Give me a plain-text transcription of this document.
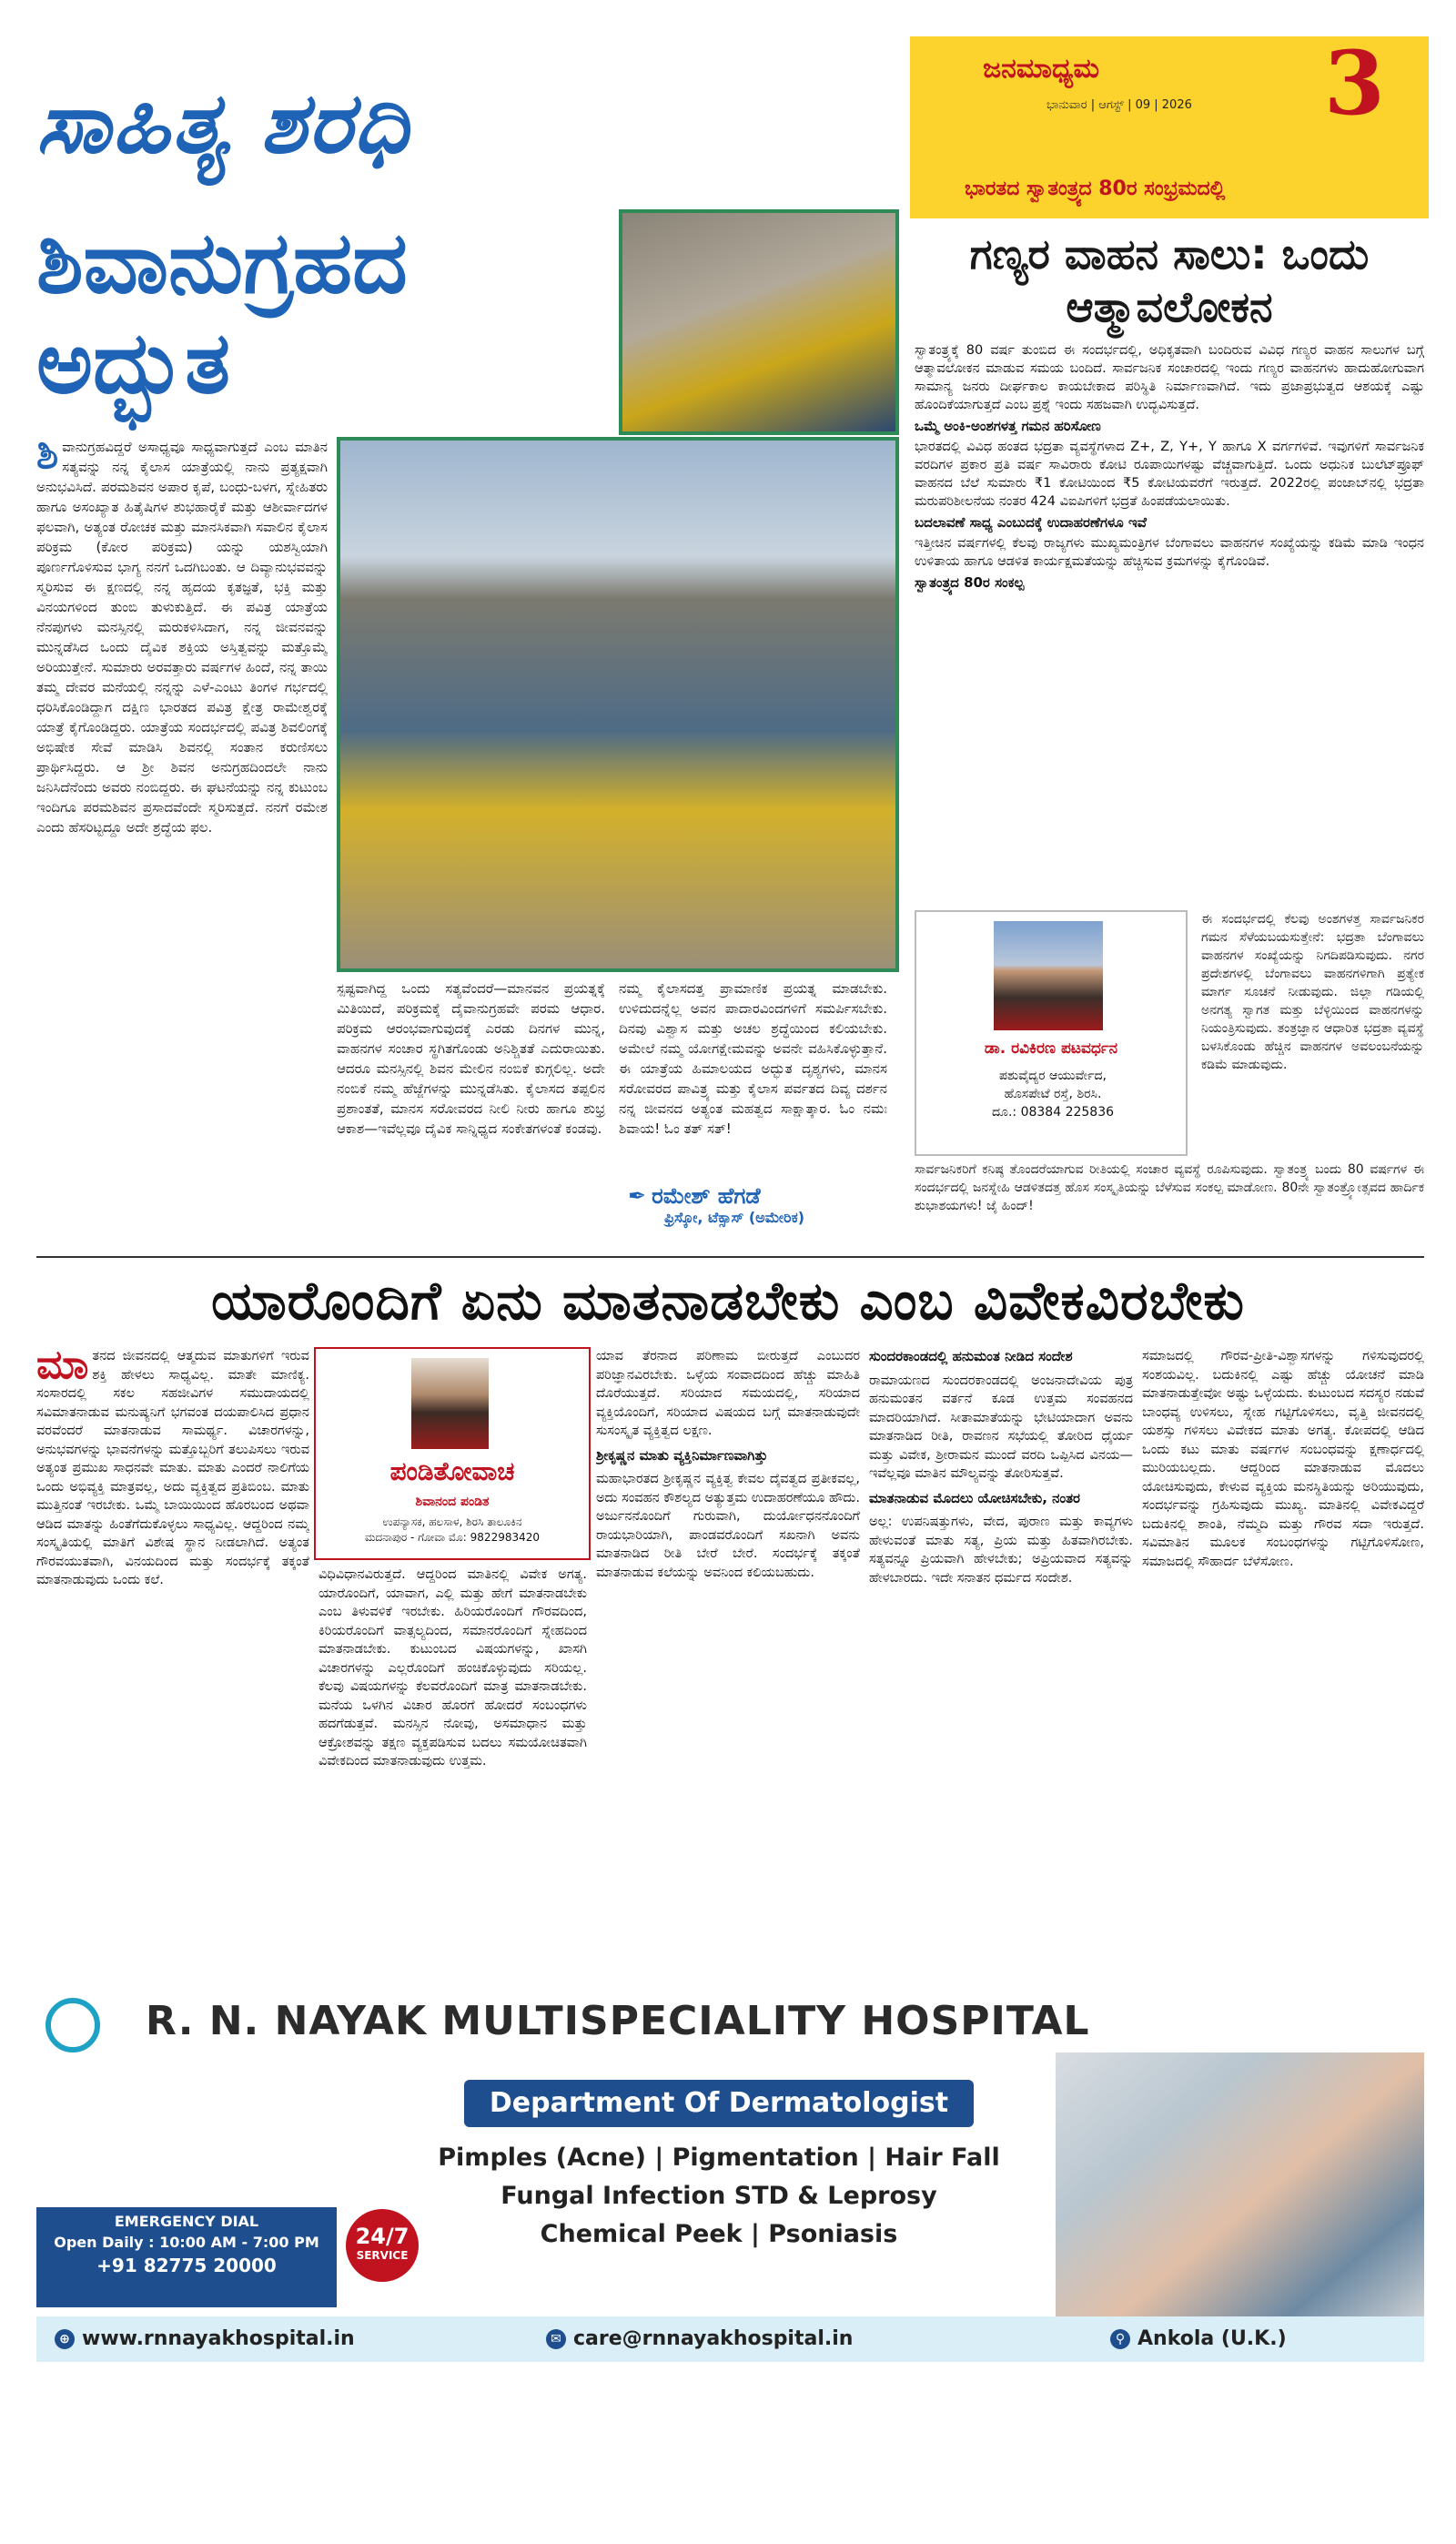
ಸಾಹಿತ್ಯ ಶರಧಿ
ಜನಮಾಧ್ಯಮ	3
ಭಾನುವಾರ | ಆಗಸ್ಟ್ | 09 | 2026
ಭಾರತದ ಸ್ವಾತಂತ್ರ್ಯದ 80ರ ಸಂಭ್ರಮದಲ್ಲಿ
ಶಿವಾನುಗ್ರಹದ ಅದ್ಭುತ
ಶಿವಾನುಗ್ರಹವಿದ್ದರೆ ಅಸಾಧ್ಯವೂ ಸಾಧ್ಯವಾಗುತ್ತದೆ ಎಂಬ ಮಾತಿನ ಸತ್ಯವನ್ನು ನನ್ನ ಕೈಲಾಸ ಯಾತ್ರೆಯಲ್ಲಿ ನಾನು ಪ್ರತ್ಯಕ್ಷವಾಗಿ ಅನುಭವಿಸಿದೆ. ಪರಮಶಿವನ ಅಪಾರ ಕೃಪೆ, ಬಂಧು-ಬಳಗ, ಸ್ನೇಹಿತರು ಹಾಗೂ ಅಸಂಖ್ಯಾತ ಹಿತೈಷಿಗಳ ಶುಭಹಾರೈಕೆ ಮತ್ತು ಆಶೀರ್ವಾದಗಳ ಫಲವಾಗಿ, ಅತ್ಯಂತ ರೋಚಕ ಮತ್ತು ಮಾನಸಿಕವಾಗಿ ಸವಾಲಿನ ಕೈಲಾಸ ಪರಿಕ್ರಮ (ಕೋರ ಪರಿಕ್ರಮ) ಯನ್ನು ಯಶಸ್ವಿಯಾಗಿ ಪೂರ್ಣಗೊಳಿಸುವ ಭಾಗ್ಯ ನನಗೆ ಒದಗಿಬಂತು. ಆ ದಿವ್ಯಾನುಭವವನ್ನು ಸ್ಮರಿಸುವ ಈ ಕ್ಷಣದಲ್ಲಿ ನನ್ನ ಹೃದಯ ಕೃತಜ್ಞತೆ, ಭಕ್ತಿ ಮತ್ತು ವಿನಯಗಳಿಂದ ತುಂಬಿ ತುಳುಕುತ್ತಿದೆ. ಈ ಪವಿತ್ರ ಯಾತ್ರೆಯ ನೆನಪುಗಳು ಮನಸ್ಸಿನಲ್ಲಿ ಮರುಕಳಿಸಿದಾಗ, ನನ್ನ ಜೀವನವನ್ನು ಮುನ್ನಡೆಸಿದ ಒಂದು ದೈವಿಕ ಶಕ್ತಿಯ ಅಸ್ತಿತ್ವವನ್ನು ಮತ್ತೊಮ್ಮೆ ಅರಿಯುತ್ತೇನೆ. ಸುಮಾರು ಅರವತ್ತಾರು ವರ್ಷಗಳ ಹಿಂದೆ, ನನ್ನ ತಾಯಿ ತಮ್ಮ ದೇವರ ಮನೆಯಲ್ಲಿ ನನ್ನನ್ನು ಎಳೆ-ಎಂಟು ತಿಂಗಳ ಗರ್ಭದಲ್ಲಿ ಧರಿಸಿಕೊಂಡಿದ್ದಾಗ ದಕ್ಷಿಣ ಭಾರತದ ಪವಿತ್ರ ಕ್ಷೇತ್ರ ರಾಮೇಶ್ವರಕ್ಕೆ ಯಾತ್ರೆ ಕೈಗೊಂಡಿದ್ದರು. ಯಾತ್ರೆಯ ಸಂದರ್ಭದಲ್ಲಿ ಪವಿತ್ರ ಶಿವಲಿಂಗಕ್ಕೆ ಅಭಿಷೇಕ ಸೇವೆ ಮಾಡಿಸಿ ಶಿವನಲ್ಲಿ ಸಂತಾನ ಕರುಣಿಸಲು ಪ್ರಾರ್ಥಿಸಿದ್ದರು. ಆ ಶ್ರೀ ಶಿವನ ಅನುಗ್ರಹದಿಂದಲೇ ನಾನು ಜನಿಸಿದೆನೆಂದು ಅವರು ನಂಬಿದ್ದರು. ಈ ಘಟನೆಯನ್ನು ನನ್ನ ಕುಟುಂಬ ಇಂದಿಗೂ ಪರಮಶಿವನ ಪ್ರಸಾದವೆಂದೇ ಸ್ಮರಿಸುತ್ತದೆ. ನನಗೆ ರಮೇಶ ಎಂದು ಹೆಸರಿಟ್ಟದ್ದೂ ಅದೇ ಶ್ರದ್ಧೆಯ ಫಲ.
ಸ್ಪಷ್ಟವಾಗಿದ್ದ ಒಂದು ಸತ್ಯವೆಂದರೆ—ಮಾನವನ ಪ್ರಯತ್ನಕ್ಕೆ ಮಿತಿಯಿದೆ, ಪರಿಕ್ರಮಕ್ಕೆ ದೈವಾನುಗ್ರಹವೇ ಪರಮ ಆಧಾರ. ಪರಿಕ್ರಮ ಆರಂಭವಾಗುವುದಕ್ಕೆ ಎರಡು ದಿನಗಳ ಮುನ್ನ, ವಾಹನಗಳ ಸಂಚಾರ ಸ್ಥಗಿತಗೊಂಡು ಅನಿಶ್ಚಿತತೆ ಎದುರಾಯಿತು. ಆದರೂ ಮನಸ್ಸಿನಲ್ಲಿ ಶಿವನ ಮೇಲಿನ ನಂಬಿಕೆ ಕುಗ್ಗಲಿಲ್ಲ. ಅದೇ ನಂಬಿಕೆ ನಮ್ಮ ಹೆಜ್ಜೆಗಳನ್ನು ಮುನ್ನಡೆಸಿತು. ಕೈಲಾಸದ ತಪ್ಪಲಿನ ಪ್ರಶಾಂತತೆ, ಮಾನಸ ಸರೋವರದ ನೀಲಿ ನೀರು ಹಾಗೂ ಶುಭ್ರ ಆಕಾಶ—ಇವೆಲ್ಲವೂ ದೈವಿಕ ಸಾನ್ನಿಧ್ಯದ ಸಂಕೇತಗಳಂತೆ ಕಂಡವು.
ನಮ್ಮ ಕೈಲಾಸದತ್ತ ಪ್ರಾಮಾಣಿಕ ಪ್ರಯತ್ನ ಮಾಡಬೇಕು. ಉಳಿದುದನ್ನೆಲ್ಲ ಅವನ ಪಾದಾರವಿಂದಗಳಿಗೆ ಸಮರ್ಪಿಸಬೇಕು. ದಿನವು ವಿಶ್ವಾಸ ಮತ್ತು ಅಚಲ ಶ್ರದ್ಧೆಯಿಂದ ಕಲಿಯಬೇಕು. ಅಮೇಲೆ ನಮ್ಮ ಯೋಗಕ್ಷೇಮವನ್ನು ಅವನೇ ವಹಿಸಿಕೊಳ್ಳುತ್ತಾನೆ. ಈ ಯಾತ್ರೆಯ ಹಿಮಾಲಯದ ಅದ್ಭುತ ದೃಶ್ಯಗಳು, ಮಾನಸ ಸರೋವರದ ಪಾವಿತ್ರ್ಯ ಮತ್ತು ಕೈಲಾಸ ಪರ್ವತದ ದಿವ್ಯ ದರ್ಶನ ನನ್ನ ಜೀವನದ ಅತ್ಯಂತ ಮಹತ್ವದ ಸಾಕ್ಷಾತ್ಕಾರ. ಓಂ ನಮಃ ಶಿವಾಯ! ಓಂ ತತ್ ಸತ್!
✒ ರಮೇಶ್ ಹೆಗಡೆ
ಫ್ರಿಸ್ಕೋ, ಟೆಕ್ಸಾಸ್ (ಅಮೇರಿಕ)
ಗಣ್ಯರ ವಾಹನ ಸಾಲು: ಒಂದು ಆತ್ಮಾವಲೋಕನ

ಸ್ವಾತಂತ್ರ್ಯಕ್ಕೆ 80 ವರ್ಷ ತುಂಬಿದ ಈ ಸಂದರ್ಭದಲ್ಲಿ, ಅಧಿಕೃತವಾಗಿ ಬಂದಿರುವ ವಿವಿಧ ಗಣ್ಯರ ವಾಹನ ಸಾಲುಗಳ ಬಗ್ಗೆ ಆತ್ಮಾವಲೋಕನ ಮಾಡುವ ಸಮಯ ಬಂದಿದೆ. ಸಾರ್ವಜನಿಕ ಸಂಚಾರದಲ್ಲಿ ಇಂದು ಗಣ್ಯರ ವಾಹನಗಳು ಹಾದುಹೋಗುವಾಗ ಸಾಮಾನ್ಯ ಜನರು ದೀರ್ಘಕಾಲ ಕಾಯಬೇಕಾದ ಪರಿಸ್ಥಿತಿ ನಿರ್ಮಾಣವಾಗಿದೆ. ಇದು ಪ್ರಜಾಪ್ರಭುತ್ವದ ಆಶಯಕ್ಕೆ ಎಷ್ಟು ಹೊಂದಿಕೆಯಾಗುತ್ತದೆ ಎಂಬ ಪ್ರಶ್ನೆ ಇಂದು ಸಹಜವಾಗಿ ಉದ್ಭವಿಸುತ್ತದೆ.

ಒಮ್ಮೆ ಅಂಕಿ-ಅಂಶಗಳತ್ತ ಗಮನ ಹರಿಸೋಣ

ಭಾರತದಲ್ಲಿ ವಿವಿಧ ಹಂತದ ಭದ್ರತಾ ವ್ಯವಸ್ಥೆಗಳಾದ Z+, Z, Y+, Y ಹಾಗೂ X ವರ್ಗಗಳಿವೆ. ಇವುಗಳಿಗೆ ಸಾರ್ವಜನಿಕ ವರದಿಗಳ ಪ್ರಕಾರ ಪ್ರತಿ ವರ್ಷ ಸಾವಿರಾರು ಕೋಟಿ ರೂಪಾಯಿಗಳಷ್ಟು ವೆಚ್ಚವಾಗುತ್ತಿದೆ. ಒಂದು ಅಧುನಿಕ ಬುಲೆಟ್‌ಪ್ರೂಫ್ ವಾಹನದ ಬೆಲೆ ಸುಮಾರು ₹1 ಕೋಟಿಯಿಂದ ₹5 ಕೋಟಿಯವರೆಗೆ ಇರುತ್ತದೆ. 2022ರಲ್ಲಿ ಪಂಜಾಬ್‌ನಲ್ಲಿ ಭದ್ರತಾ ಮರುಪರಿಶೀಲನೆಯ ನಂತರ 424 ವಿಐಪಿಗಳಿಗೆ ಭದ್ರತೆ ಹಿಂಪಡೆಯಲಾಯಿತು.

ಬದಲಾವಣೆ ಸಾಧ್ಯ ಎಂಬುದಕ್ಕೆ ಉದಾಹರಣೆಗಳೂ ಇವೆ

ಇತ್ತೀಚಿನ ವರ್ಷಗಳಲ್ಲಿ ಕೆಲವು ರಾಜ್ಯಗಳು ಮುಖ್ಯಮಂತ್ರಿಗಳ ಬೆಂಗಾವಲು ವಾಹನಗಳ ಸಂಖ್ಯೆಯನ್ನು ಕಡಿಮೆ ಮಾಡಿ ಇಂಧನ ಉಳಿತಾಯ ಹಾಗೂ ಆಡಳಿತ ಕಾರ್ಯಕ್ಷಮತೆಯನ್ನು ಹೆಚ್ಚಿಸುವ ಕ್ರಮಗಳನ್ನು ಕೈಗೊಂಡಿವೆ.

ಸ್ವಾತಂತ್ರ್ಯದ 80ರ ಸಂಕಲ್ಪ
ಡಾ. ರವಿಕಿರಣ ಪಟವರ್ಧನ
ಪಶುವೈದ್ಯರ ಆಯುರ್ವೇದ,
ಹೊಸಪೇಟೆ ರಸ್ತೆ, ಶಿರಸಿ.
ದೂ.: 08384 225836
ಈ ಸಂದರ್ಭದಲ್ಲಿ ಕೆಲವು ಅಂಶಗಳತ್ತ ಸಾರ್ವಜನಿಕರ ಗಮನ ಸೆಳೆಯಬಯಸುತ್ತೇನೆ: ಭದ್ರತಾ ಬೆಂಗಾವಲು ವಾಹನಗಳ ಸಂಖ್ಯೆಯನ್ನು ನಿಗದಿಪಡಿಸುವುದು. ನಗರ ಪ್ರದೇಶಗಳಲ್ಲಿ ಬೆಂಗಾವಲು ವಾಹನಗಳಿಗಾಗಿ ಪ್ರತ್ಯೇಕ ಮಾರ್ಗ ಸೂಚನೆ ನೀಡುವುದು. ಜಿಲ್ಲಾ ಗಡಿಯಲ್ಲಿ ಅನಗತ್ಯ ಸ್ವಾಗತ ಮತ್ತು ಬೆಳ್ಳಿಯಿಂದ ವಾಹನಗಳನ್ನು ನಿಯಂತ್ರಿಸುವುದು. ತಂತ್ರಜ್ಞಾನ ಆಧಾರಿತ ಭದ್ರತಾ ವ್ಯವಸ್ಥೆ ಬಳಸಿಕೊಂಡು ಹೆಚ್ಚಿನ ವಾಹನಗಳ ಅವಲಂಬನೆಯನ್ನು ಕಡಿಮೆ ಮಾಡುವುದು.
ಸಾರ್ವಜನಿಕರಿಗೆ ಕನಿಷ್ಠ ತೊಂದರೆಯಾಗುವ ರೀತಿಯಲ್ಲಿ ಸಂಚಾರ ವ್ಯವಸ್ಥೆ ರೂಪಿಸುವುದು. ಸ್ವಾತಂತ್ರ್ಯ ಬಂದು 80 ವರ್ಷಗಳ ಈ ಸಂದರ್ಭದಲ್ಲಿ ಜನಸ್ನೇಹಿ ಆಡಳಿತದತ್ತ ಹೊಸ ಸಂಸ್ಕೃತಿಯನ್ನು ಬೆಳೆಸುವ ಸಂಕಲ್ಪ ಮಾಡೋಣ. 80ನೇ ಸ್ವಾತಂತ್ರ್ಯೋತ್ಸವದ ಹಾರ್ದಿಕ ಶುಭಾಶಯಗಳು! ಜೈ ಹಿಂದ್!
ಯಾರೊಂದಿಗೆ ಏನು ಮಾತನಾಡಬೇಕು ಎಂಬ ವಿವೇಕವಿರಬೇಕು

ಮಾತನದ ಜೀವನದಲ್ಲಿ ಆತ್ಮದುವ ಮಾತುಗಳಿಗೆ ಇರುವ ಶಕ್ತಿ ಹೇಳಲು ಸಾಧ್ಯವಿಲ್ಲ. ಮಾತೇ ಮಾಣಿಕ್ಯ. ಸಂಸಾರದಲ್ಲಿ ಸಕಲ ಸಹಜೀವಿಗಳ ಸಮುದಾಯದಲ್ಲಿ ಸವಿಮಾತನಾಡುವ ಮನುಷ್ಯನಿಗೆ ಭಗವಂತ ದಯಪಾಲಿಸಿದ ಪ್ರಧಾನ ವರವೆಂದರೆ ಮಾತನಾಡುವ ಸಾಮರ್ಥ್ಯ. ವಿಚಾರಗಳನ್ನು, ಅನುಭವಗಳನ್ನು ಭಾವನೆಗಳನ್ನು ಮತ್ತೊಬ್ಬರಿಗೆ ತಲುಪಿಸಲು ಇರುವ ಅತ್ಯಂತ ಪ್ರಮುಖ ಸಾಧನವೇ ಮಾತು. ಮಾತು ಎಂದರೆ ನಾಲಿಗೆಯ ಒಂದು ಅಭಿವ್ಯಕ್ತಿ ಮಾತ್ರವಲ್ಲ, ಅದು ವ್ಯಕ್ತಿತ್ವದ ಪ್ರತಿಬಿಂಬ. ಮಾತು ಮುತ್ತಿನಂತೆ ಇರಬೇಕು. ಒಮ್ಮೆ ಬಾಯಿಯಿಂದ ಹೊರಬಂದ ಅಥವಾ ಆಡಿದ ಮಾತನ್ನು ಹಿಂತೆಗೆದುಕೊಳ್ಳಲು ಸಾಧ್ಯವಿಲ್ಲ. ಆದ್ದರಿಂದ ನಮ್ಮ ಸಂಸ್ಕೃತಿಯಲ್ಲಿ ಮಾತಿಗೆ ವಿಶೇಷ ಸ್ಥಾನ ನೀಡಲಾಗಿದೆ. ಅತ್ಯಂತ ಗೌರವಯುತವಾಗಿ, ವಿನಯದಿಂದ ಮತ್ತು ಸಂದರ್ಭಕ್ಕೆ ತಕ್ಕಂತೆ ಮಾತನಾಡುವುದು ಒಂದು ಕಲೆ.

ಪಂಡಿತೋವಾಚ
ಶಿವಾನಂದ ಪಂಡಿತ
ಉಪನ್ಯಾಸಕ, ಹಲಸಾಳ, ಶಿರಸಿ ತಾಲೂಕಿನ
ಮದನಾಪುರ - ಗೋವಾ ಮೊ: 9822983420

ವಿಧಿವಿಧಾನವಿರುತ್ತದೆ. ಆದ್ದರಿಂದ ಮಾತಿನಲ್ಲಿ ವಿವೇಕ ಅಗತ್ಯ. ಯಾರೊಂದಿಗೆ, ಯಾವಾಗ, ಎಲ್ಲಿ ಮತ್ತು ಹೇಗೆ ಮಾತನಾಡಬೇಕು ಎಂಬ ತಿಳುವಳಿಕೆ ಇರಬೇಕು. ಹಿರಿಯರೊಂದಿಗೆ ಗೌರವದಿಂದ, ಕಿರಿಯರೊಂದಿಗೆ ವಾತ್ಸಲ್ಯದಿಂದ, ಸಮಾನರೊಂದಿಗೆ ಸ್ನೇಹದಿಂದ ಮಾತನಾಡಬೇಕು. ಕುಟುಂಬದ ವಿಷಯಗಳನ್ನು, ಖಾಸಗಿ ವಿಚಾರಗಳನ್ನು ಎಲ್ಲರೊಂದಿಗೆ ಹಂಚಿಕೊಳ್ಳುವುದು ಸರಿಯಲ್ಲ. ಕೆಲವು ವಿಷಯಗಳನ್ನು ಕೆಲವರೊಂದಿಗೆ ಮಾತ್ರ ಮಾತನಾಡಬೇಕು. ಮನೆಯ ಒಳಗಿನ ವಿಚಾರ ಹೊರಗೆ ಹೋದರೆ ಸಂಬಂಧಗಳು ಹದಗೆಡುತ್ತವೆ. ಮನಸ್ಸಿನ ನೋವು, ಅಸಮಾಧಾನ ಮತ್ತು ಆಕ್ರೋಶವನ್ನು ತಕ್ಷಣ ವ್ಯಕ್ತಪಡಿಸುವ ಬದಲು ಸಮಯೋಚಿತವಾಗಿ ವಿವೇಕದಿಂದ ಮಾತನಾಡುವುದು ಉತ್ತಮ.

ಯಾವ ತೆರನಾದ ಪರಿಣಾಮ ಬೀರುತ್ತದೆ ಎಂಬುದರ ಪರಿಜ್ಞಾನವಿರಬೇಕು. ಒಳ್ಳೆಯ ಸಂವಾದದಿಂದ ಹೆಚ್ಚು ಮಾಹಿತಿ ದೊರೆಯುತ್ತದೆ. ಸರಿಯಾದ ಸಮಯದಲ್ಲಿ, ಸರಿಯಾದ ವ್ಯಕ್ತಿಯೊಂದಿಗೆ, ಸರಿಯಾದ ವಿಷಯದ ಬಗ್ಗೆ ಮಾತನಾಡುವುದೇ ಸುಸಂಸ್ಕೃತ ವ್ಯಕ್ತಿತ್ವದ ಲಕ್ಷಣ.

ಶ್ರೀಕೃಷ್ಣನ ಮಾತು ವ್ಯಕ್ತಿನಿರ್ಮಾಣವಾಗಿತ್ತು

ಮಹಾಭಾರತದ ಶ್ರೀಕೃಷ್ಣನ ವ್ಯಕ್ತಿತ್ವ ಕೇವಲ ದೈವತ್ವದ ಪ್ರತೀಕವಲ್ಲ, ಅದು ಸಂವಹನ ಕೌಶಲ್ಯದ ಅತ್ಯುತ್ತಮ ಉದಾಹರಣೆಯೂ ಹೌದು. ಅರ್ಜುನನೊಂದಿಗೆ ಗುರುವಾಗಿ, ದುರ್ಯೋಧನನೊಂದಿಗೆ ರಾಯಭಾರಿಯಾಗಿ, ಪಾಂಡವರೊಂದಿಗೆ ಸಖನಾಗಿ ಅವನು ಮಾತನಾಡಿದ ರೀತಿ ಬೇರೆ ಬೇರೆ. ಸಂದರ್ಭಕ್ಕೆ ತಕ್ಕಂತೆ ಮಾತನಾಡುವ ಕಲೆಯನ್ನು ಅವನಿಂದ ಕಲಿಯಬಹುದು.

ಸುಂದರಕಾಂಡದಲ್ಲಿ ಹನುಮಂತ ನೀಡಿದ ಸಂದೇಶ

ರಾಮಾಯಣದ ಸುಂದರಕಾಂಡದಲ್ಲಿ ಅಂಜನಾದೇವಿಯ ಪುತ್ರ ಹನುಮಂತನ ವರ್ತನೆ ಕೂಡ ಉತ್ತಮ ಸಂವಹನದ ಮಾದರಿಯಾಗಿದೆ. ಸೀತಾಮಾತೆಯನ್ನು ಭೇಟಿಯಾದಾಗ ಅವನು ಮಾತನಾಡಿದ ರೀತಿ, ರಾವಣನ ಸಭೆಯಲ್ಲಿ ತೋರಿದ ಧೈರ್ಯ ಮತ್ತು ವಿವೇಕ, ಶ್ರೀರಾಮನ ಮುಂದೆ ವರದಿ ಒಪ್ಪಿಸಿದ ವಿನಯ—ಇವೆಲ್ಲವೂ ಮಾತಿನ ಮೌಲ್ಯವನ್ನು ತೋರಿಸುತ್ತವೆ.

ಮಾತನಾಡುವ ಮೊದಲು ಯೋಚಿಸಬೇಕು, ನಂತರ

ಅಲ್ಲ: ಉಪನಿಷತ್ತುಗಳು, ವೇದ, ಪುರಾಣ ಮತ್ತು ಕಾವ್ಯಗಳು ಹೇಳುವಂತೆ ಮಾತು ಸತ್ಯ, ಪ್ರಿಯ ಮತ್ತು ಹಿತವಾಗಿರಬೇಕು. ಸತ್ಯವನ್ನೂ ಪ್ರಿಯವಾಗಿ ಹೇಳಬೇಕು; ಅಪ್ರಿಯವಾದ ಸತ್ಯವನ್ನು ಹೇಳಬಾರದು. ಇದೇ ಸನಾತನ ಧರ್ಮದ ಸಂದೇಶ.

ಸಮಾಜದಲ್ಲಿ ಗೌರವ-ಪ್ರೀತಿ-ವಿಶ್ವಾಸಗಳನ್ನು ಗಳಿಸುವುದರಲ್ಲಿ ಸಂಶಯವಿಲ್ಲ. ಬದುಕಿನಲ್ಲಿ ಎಷ್ಟು ಹೆಚ್ಚು ಯೋಚನೆ ಮಾಡಿ ಮಾತನಾಡುತ್ತೇವೋ ಅಷ್ಟು ಒಳ್ಳೆಯದು. ಕುಟುಂಬದ ಸದಸ್ಯರ ನಡುವೆ ಬಾಂಧವ್ಯ ಉಳಿಸಲು, ಸ್ನೇಹ ಗಟ್ಟಿಗೊಳಿಸಲು, ವೃತ್ತಿ ಜೀವನದಲ್ಲಿ ಯಶಸ್ಸು ಗಳಿಸಲು ವಿವೇಕದ ಮಾತು ಅಗತ್ಯ. ಕೋಪದಲ್ಲಿ ಆಡಿದ ಒಂದು ಕಟು ಮಾತು ವರ್ಷಗಳ ಸಂಬಂಧವನ್ನು ಕ್ಷಣಾರ್ಧದಲ್ಲಿ ಮುರಿಯಬಲ್ಲದು. ಆದ್ದರಿಂದ ಮಾತನಾಡುವ ಮೊದಲು ಯೋಚಿಸುವುದು, ಕೇಳುವ ವ್ಯಕ್ತಿಯ ಮನಸ್ಥಿತಿಯನ್ನು ಅರಿಯುವುದು, ಸಂದರ್ಭವನ್ನು ಗ್ರಹಿಸುವುದು ಮುಖ್ಯ. ಮಾತಿನಲ್ಲಿ ವಿವೇಕವಿದ್ದರೆ ಬದುಕಿನಲ್ಲಿ ಶಾಂತಿ, ನೆಮ್ಮದಿ ಮತ್ತು ಗೌರವ ಸದಾ ಇರುತ್ತದೆ. ಸವಿಮಾತಿನ ಮೂಲಕ ಸಂಬಂಧಗಳನ್ನು ಗಟ್ಟಿಗೊಳಿಸೋಣ, ಸಮಾಜದಲ್ಲಿ ಸೌಹಾರ್ದ ಬೆಳೆಸೋಣ.

R. N. NAYAK MULTISPECIALITY HOSPITAL
Department Of Dermatologist
Pimples (Acne) | Pigmentation | Hair Fall
Fungal Infection STD & Leprosy
Chemical Peek | Psoniasis
EMERGENCY DIAL
Open Daily : 10:00 AM - 7:00 PM
+91 82775 20000
24/7
SERVICE
⊕ www.rnnayakhospital.in	✉ care@rnnayakhospital.in	⚲ Ankola (U.K.)
